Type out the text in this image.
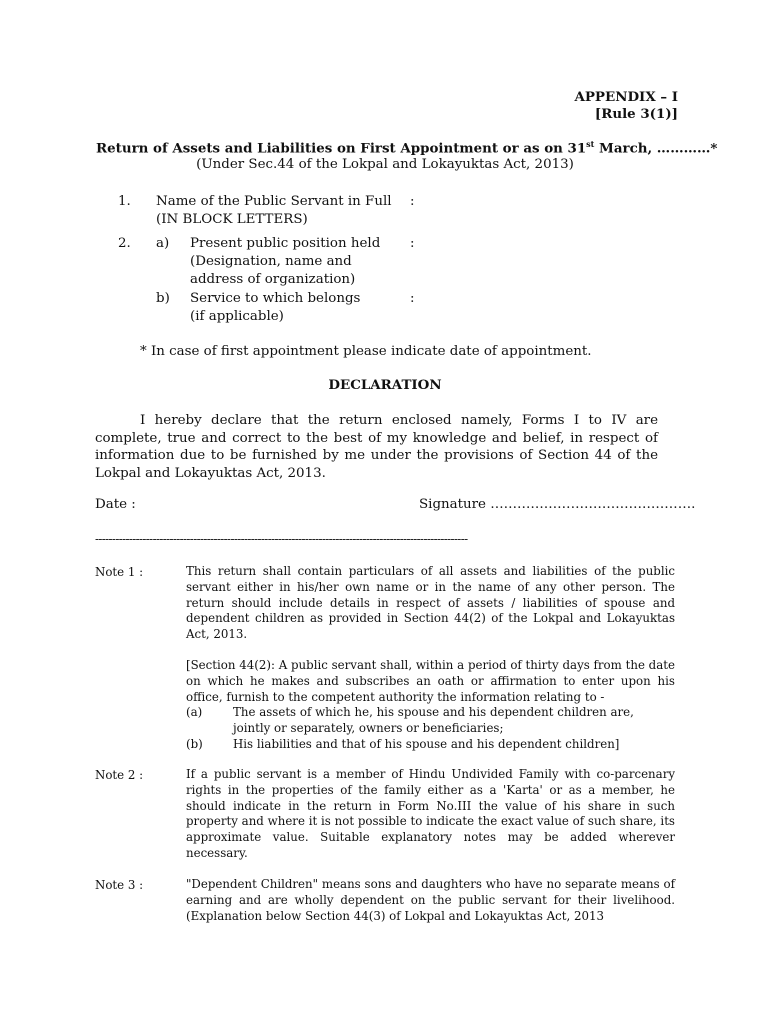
APPENDIX – I
[Rule 3(1)]
Return of Assets and Liabilities on First Appointment or as on 31st March, …………*
(Under Sec.44 of the Lokpal and Lokayuktas Act, 2013)
1. Name of the Public Servant in Full :
(IN BLOCK LETTERS)
2. a) Present public position held :
(Designation, name and
address of organization)
b) Service to which belongs	:
(if applicable)
* In case of first appointment please indicate date of appointment.
DECLARATION
I hereby declare that the return enclosed namely, Forms I to IV are complete, true and correct to the best of my knowledge and belief, in respect of information due to be furnished by me under the provisions of Section 44 of the Lokpal and Lokayuktas Act, 2013.
Date :	Signature ……………………………………….
--------------------------------------------------------------------------------------------------------------
Note 1 :	This return shall contain particulars of all assets and liabilities of the public servant either in his/her own name or in the name of any other person. The return should include details in respect of assets / liabilities of spouse and dependent children as provided in Section 44(2) of the Lokpal and Lokayuktas Act, 2013.
[Section 44(2): A public servant shall, within a period of thirty days from the date on which he makes and subscribes an oath or affirmation to enter upon his office, furnish to the competent authority the information relating to -
(a)	The assets of which he, his spouse and his dependent children are,
jointly or separately, owners or beneficiaries;
(b)	His liabilities and that of his spouse and his dependent children]
Note 2 :	If a public servant is a member of Hindu Undivided Family with co-parcenary rights in the properties of the family either as a 'Karta' or as a member, he should indicate in the return in Form No.III the value of his share in such property and where it is not possible to indicate the exact value of such share, its approximate value. Suitable explanatory notes may be added wherever necessary.
Note 3 :	"Dependent Children" means sons and daughters who have no separate means of earning and are wholly dependent on the public servant for their livelihood. (Explanation below Section 44(3) of Lokpal and Lokayuktas Act, 2013
